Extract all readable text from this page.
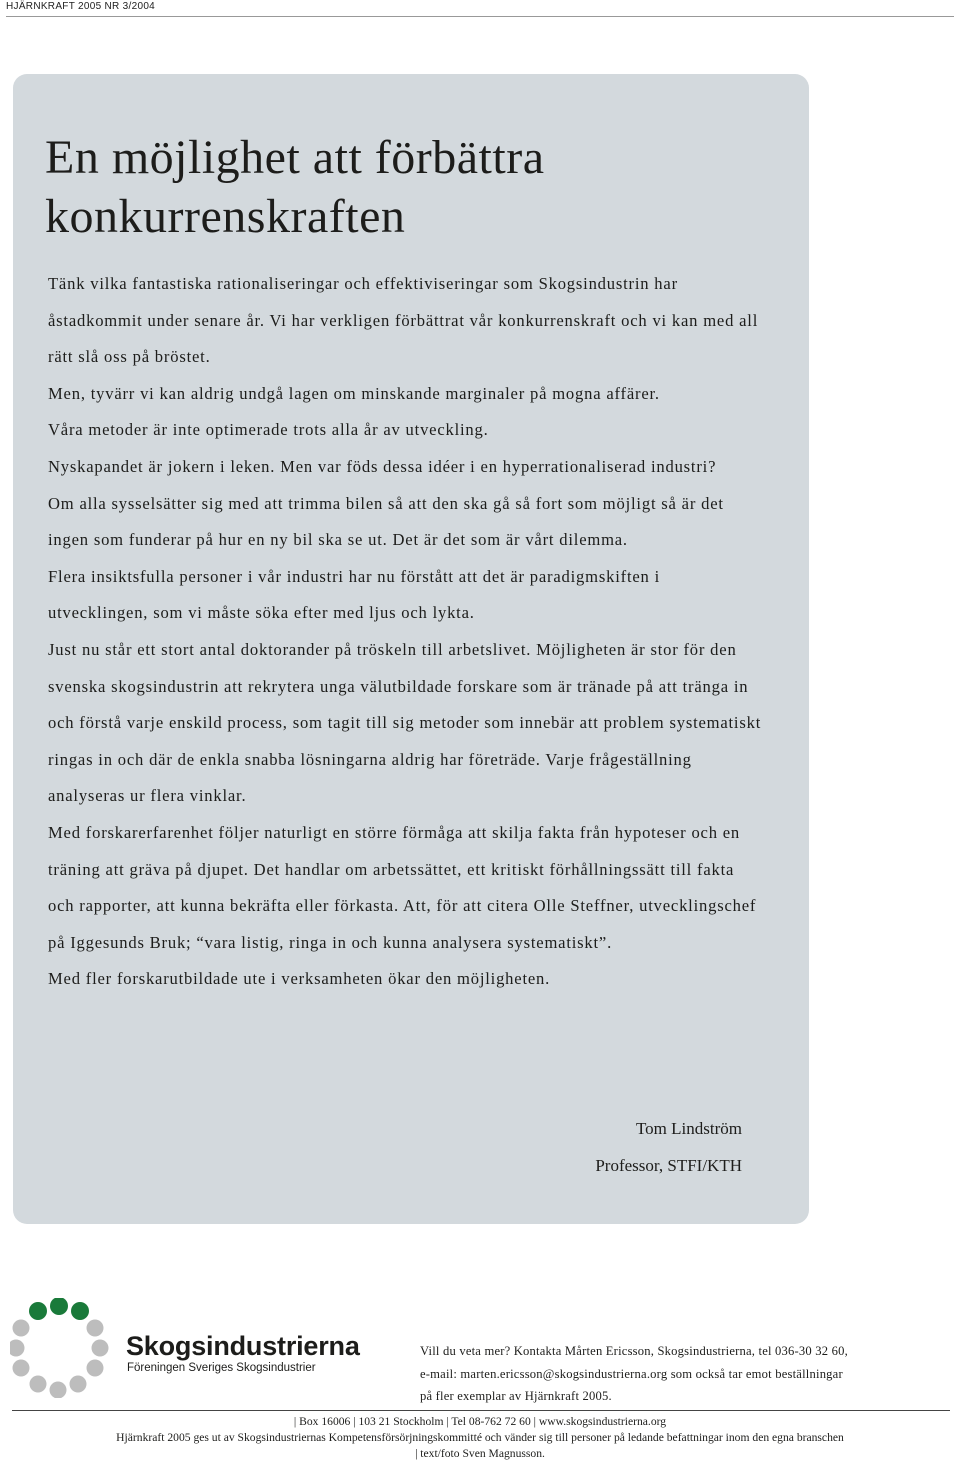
HJÄRNKRAFT 2005 NR 3/2004
En möjlighet att förbättra
konkurrenskraften

Tänk vilka fantastiska rationaliseringar och effektiviseringar som Skogsindustrin har åstadkommit under senare år. Vi har verkligen förbättrat vår konkurrenskraft och vi kan med all rätt slå oss på bröstet.

Men, tyvärr vi kan aldrig undgå lagen om minskande marginaler på mogna affärer.

Våra metoder är inte optimerade trots alla år av utveckling.

Nyskapandet är jokern i leken. Men var föds dessa idéer i en hyperrationaliserad industri?

Om alla sysselsätter sig med att trimma bilen så att den ska gå så fort som möjligt så är det ingen som funderar på hur en ny bil ska se ut. Det är det som är vårt dilemma.

Flera insiktsfulla personer i vår industri har nu förstått att det är paradigmskiften i utvecklingen, som vi måste söka efter med ljus och lykta.

Just nu står ett stort antal doktorander på tröskeln till arbetslivet. Möjligheten är stor för den svenska skogsindustrin att rekrytera unga välutbildade forskare som är tränade på att tränga in och förstå varje enskild process, som tagit till sig metoder som innebär att problem systematiskt ringas in och där de enkla snabba lösningarna aldrig har företräde. Varje frågeställning analyseras ur flera vinklar.

Med forskarerfarenhet följer naturligt en större förmåga att skilja fakta från hypoteser och en träning att gräva på djupet. Det handlar om arbetssättet, ett kritiskt förhållningssätt till fakta och rapporter, att kunna bekräfta eller förkasta. Att, för att citera Olle Steffner, utvecklingschef på Iggesunds Bruk; “vara listig, ringa in och kunna analysera systematiskt”.

Med fler forskarutbildade ute i verksamheten ökar den möjligheten.

Tom Lindström
Professor, STFI/KTH
Skogsindustrierna
Föreningen Sveriges Skogsindustrier
Vill du veta mer? Kontakta Mårten Ericsson, Skogsindustrierna, tel 036-30 32 60,
e-mail: marten.ericsson@skogsindustrierna.org som också tar emot beställningar
på fler exemplar av Hjärnkraft 2005.
| Box 16006 | 103 21 Stockholm | Tel 08-762 72 60 | www.skogsindustrierna.org
Hjärnkraft 2005 ges ut av Skogsindustriernas Kompetensförsörjningskommitté och vänder sig till personer på ledande befattningar inom den egna branschen
| text/foto Sven Magnusson.
